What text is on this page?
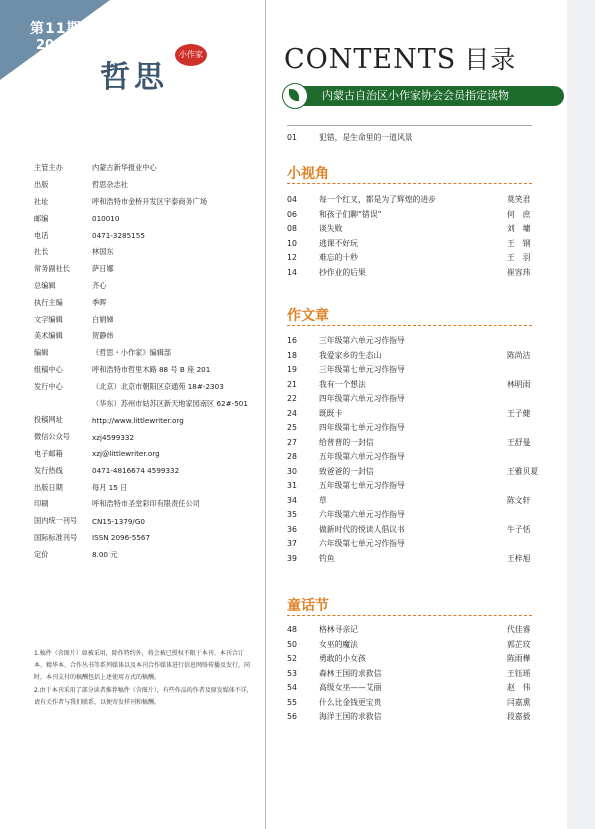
第11期
2019
哲思
小作家
主管主办	内蒙古新华报业中心
出版	哲思杂志社
社址	呼和浩特市金桥开发区宇泰商务广场
邮编	010010
电话	0471-3285155
社长	林国东
常务副社长	萨日娜
总编辑	齐心
执行主编	季晖
文字编辑	白娟娣
美术编辑	贺静炜
编辑	《哲思・小作家》编辑部
组稿中心	呼和浩特市哲里木路 88 号 B 座 201
发行中心	（北京）北京市朝阳区京通苑 18#-2303
（华东）苏州市姑苏区新天地家园南区 62#-501
投稿网址	http://www.littlewriter.org
微信公众号	xzj4599332
电子邮箱	xzj@littlewriter.org
发行热线	0471-4816674 4599332
出版日期	每月 15 日
印刷	呼和浩特市圣堂彩印有限责任公司
国内统一刊号	CN15-1379/G0
国际标准刊号	ISSN 2096-5567
定价	8.00 元
1.稿件（含图片）如被采用，除作特约外，将会被已授权不限于本刊、本刊合订本、精华本、合作丛书等系列媒体以及本刊合作媒体进行信息网络传播及发行，同时，本刊支付的稿酬包括上述使用方式的稿酬。
2.由于本刊采用了部分读者推荐稿件（含图片），有些作品的作者及原发媒体不详，请有关作者与我们联系，以便寄发样刊和稿酬。
CONTENTS 目录
内蒙古自治区小作家协会会员指定读物
01	犯错，是生命里的一道风景
小视角
04	每一个红叉，都是为了辉煌的进步	莫笑君
06	和孩子们聊“错误”	何　庶
08	谈失败	刘　墉
10	逃课不好玩	王　钢
12	难忘的十秒	王　羽
14	抄作业的后果	崔容玮
作文章
16	三年级第六单元习作指导
18	我爱家乡的生态山	陈尚洁
19	三年级第七单元习作指导
21	我有一个想法	林明雨
22	四年级第六单元习作指导
24	既既卡	王子健
25	四年级第七单元习作指导
27	给普普的一封信	王舒曼
28	五年级第六单元习作指导
30	致爸爸的一封信	王雅贝夏
31	五年级第七单元习作指导
34	草	陈文轩
35	六年级第六单元习作指导
36	做新时代的悦读人倡议书	牛子恬
37	六年级第七单元习作指导
39	钓鱼	王梓旭
童话节
48	格林寻亲记	代佳睿
50	女巫的魔法	郭芷玟
52	勇敢的小女孩	陈雨樺
53	森林王国的求救信	王钰瑶
54	高级女巫——艾丽	赵　伟
55	什么比金钱更宝贵	闫嘉熏
56	海洋王国的求救信	段嘉毅
